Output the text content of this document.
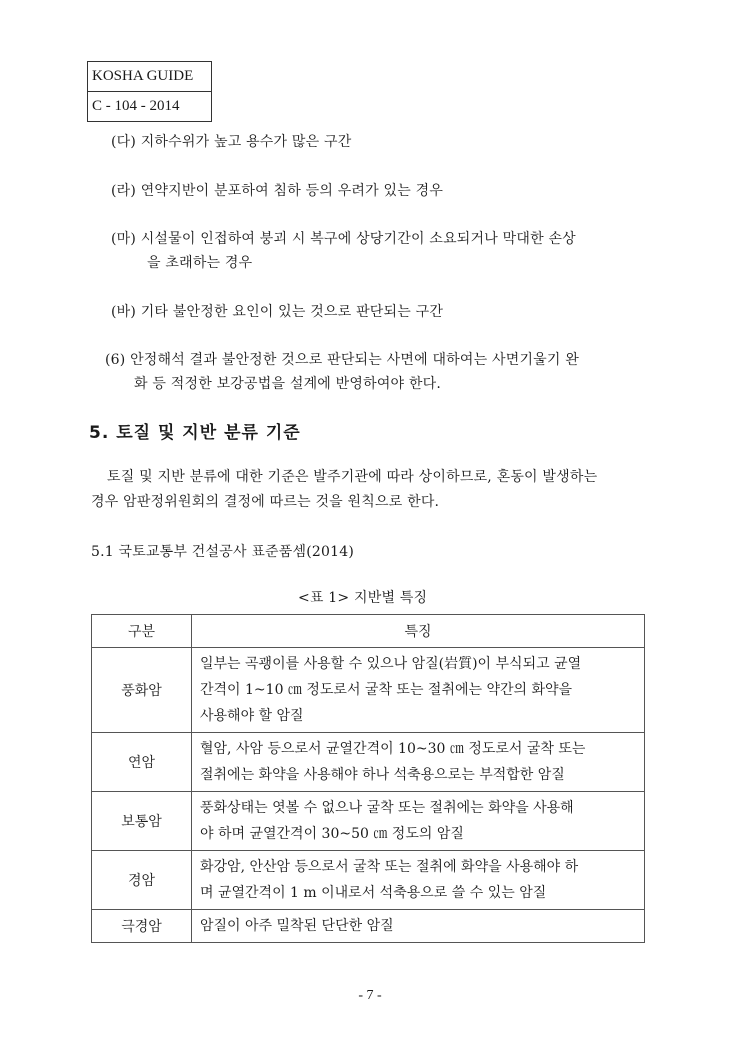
KOSHA GUIDE
C - 104 - 2014
(다) 지하수위가 높고 용수가 많은 구간
(라) 연약지반이 분포하여 침하 등의 우려가 있는 경우
(마) 시설물이 인접하여 붕괴 시 복구에 상당기간이 소요되거나 막대한 손상
을 초래하는 경우
(바) 기타 불안정한 요인이 있는 것으로 판단되는 구간
(6) 안정해석 결과 불안정한 것으로 판단되는 사면에 대하여는 사면기울기 완
화 등 적정한 보강공법을 설계에 반영하여야 한다.
5. 토질 및 지반 분류 기준
토질 및 지반 분류에 대한 기준은 발주기관에 따라 상이하므로, 혼동이 발생하는
경우 암판정위원회의 결정에 따르는 것을 원칙으로 한다.
5.1 국토교통부 건설공사 표준품셈(2014)
<표 1> 지반별 특징
구분	특징
풍화암	일부는 곡괭이를 사용할 수 있으나 암질(岩質)이 부식되고 균열
간격이 1~10 ㎝ 정도로서 굴착 또는 절취에는 약간의 화약을
사용해야 할 암질

연암	혈암, 사암 등으로서 균열간격이 10~30 ㎝ 정도로서 굴착 또는
절취에는 화약을 사용해야 하나 석축용으로는 부적합한 암질

보통암	풍화상태는 엿볼 수 없으나 굴착 또는 절취에는 화약을 사용해
야 하며 균열간격이 30~50 ㎝ 정도의 암질

경암	화강암, 안산암 등으로서 굴착 또는 절취에 화약을 사용해야 하
며 균열간격이 1 m 이내로서 석축용으로 쓸 수 있는 암질

극경암	암질이 아주 밀착된 단단한 암질
- 7 -
